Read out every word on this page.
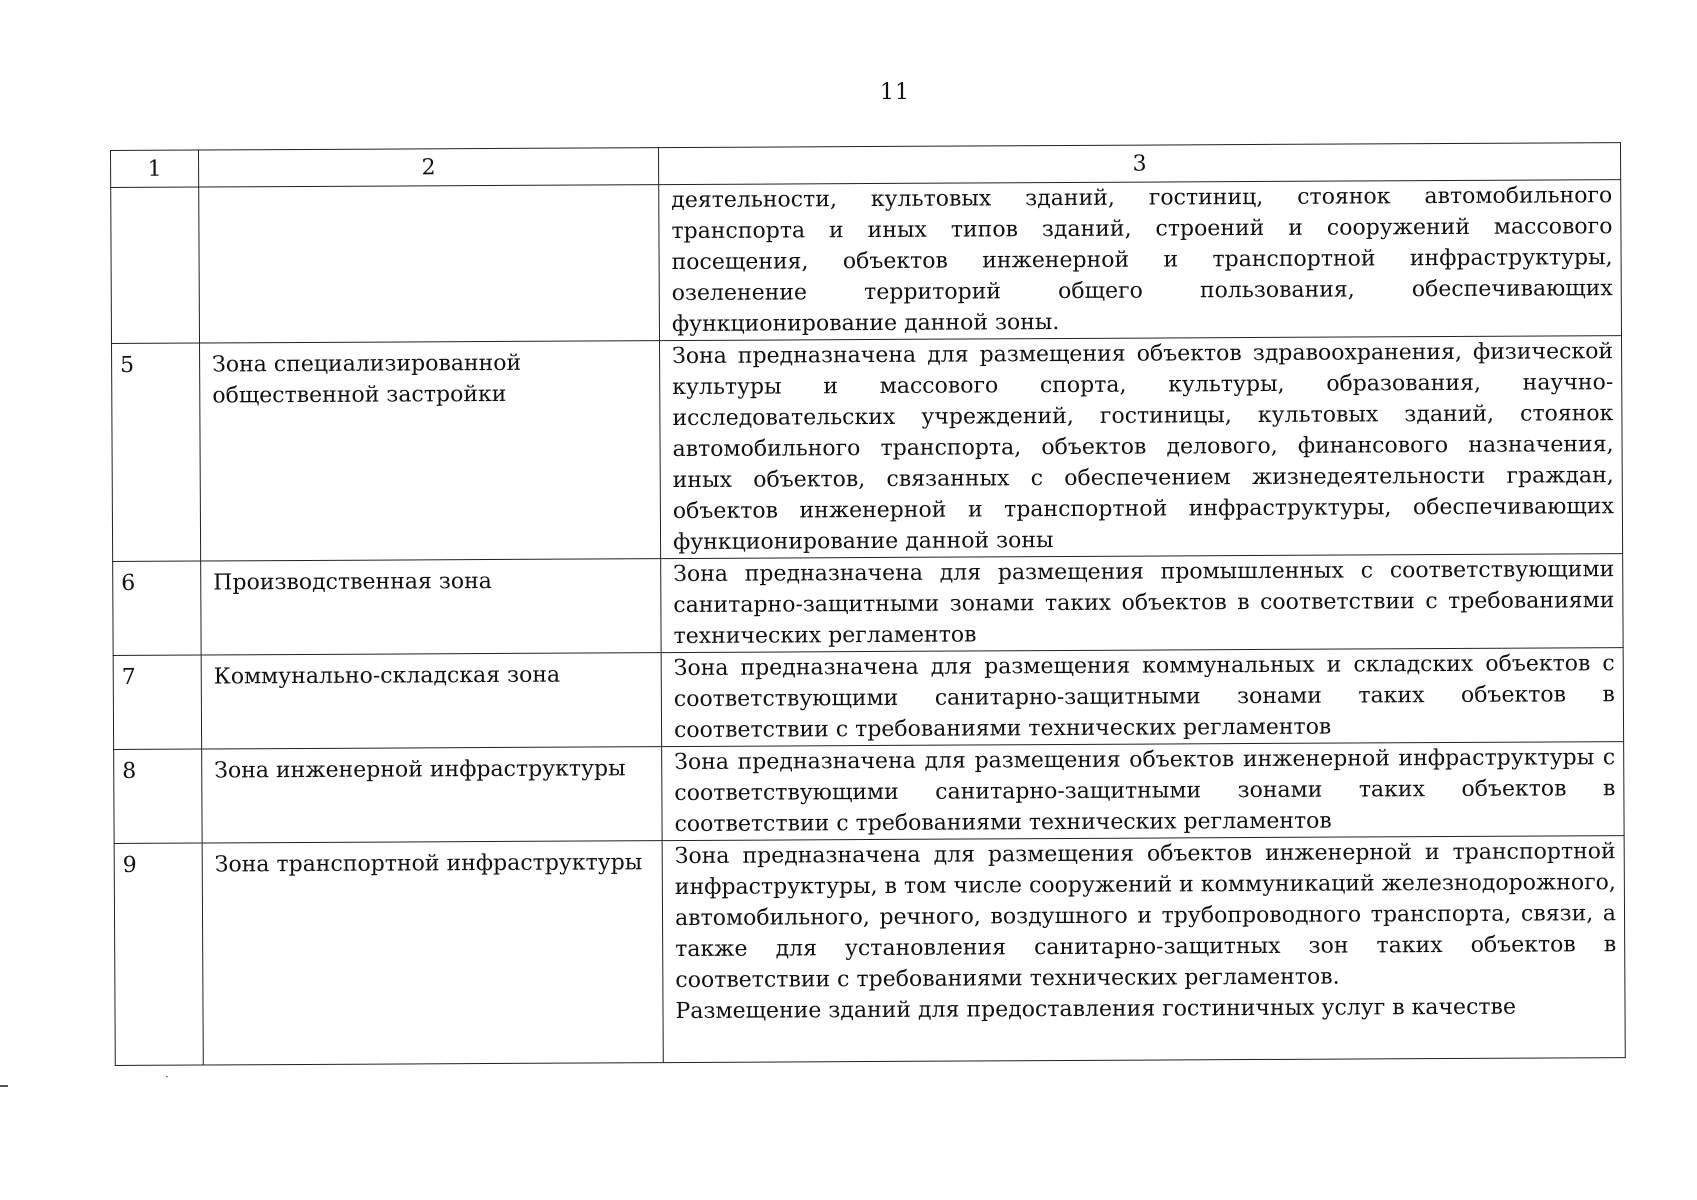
11
1	2	3

		деятельности, культовых зданий, гостиниц, стоянок автомобильного транспорта и иных типов зданий, строений и сооружений массового посещения, объектов инженерной и транспортной инфраструктуры, озеленение территорий общего пользования, обеспечивающих функционирование данной зоны.

5	Зона специализированной общественной застройки	Зона предназначена для размещения объектов здравоохранения, физической культуры и массового спорта, культуры, образования, научно-исследовательских учреждений, гостиницы, культовых зданий, стоянок автомобильного транспорта, объектов делового, финансового назначения, иных объектов, связанных с обеспечением жизнедеятельности граждан, объектов инженерной и транспортной инфраструктуры, обеспечивающих функционирование данной зоны

6	Производственная зона	Зона предназначена для размещения промышленных с соответствующими санитарно-защитными зонами таких объектов в соответствии с требованиями технических регламентов

7	Коммунально-складская зона	Зона предназначена для размещения коммунальных и складских объектов с соответствующими санитарно-защитными зонами таких объектов в соответствии с требованиями технических регламентов

8	Зона инженерной инфраструктуры	Зона предназначена для размещения объектов инженерной инфраструктуры с соответствующими санитарно-защитными зонами таких объектов в соответствии с требованиями технических регламентов

9	Зона транспортной инфраструктуры	Зона предназначена для размещения объектов инженерной и транспортной инфраструктуры, в том числе сооружений и коммуникаций железнодорожного, автомобильного, речного, воздушного и трубопроводного транспорта, связи, а также для установления санитарно-защитных зон таких объектов в соответствии с требованиями технических регламентов.

Размещение зданий для предоставления гостиничных услуг в качестве

·
